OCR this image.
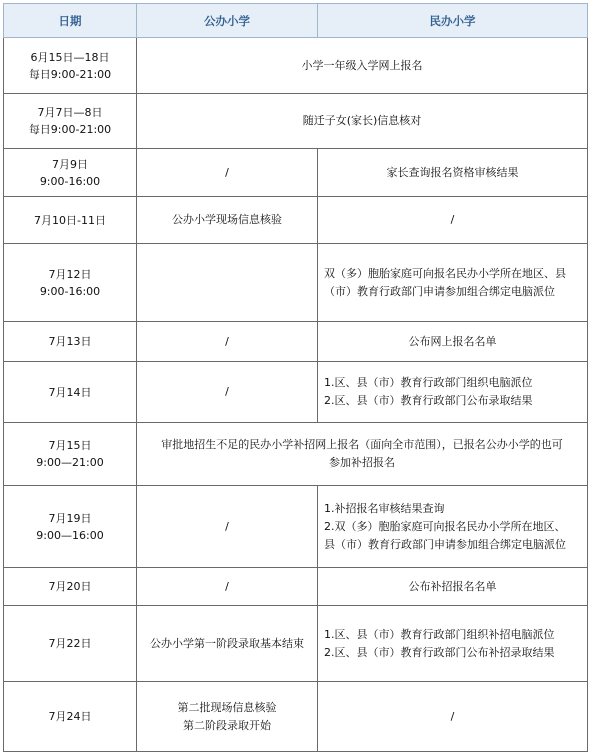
日期	公办小学	民办小学

6月15日—18日
每日9:00-21:00	小学一年级入学网上报名	

7月7日—8日
每日9:00-21:00	随迁子女(家长)信息核对	

7月9日
9:00-16:00	/	家长查询报名资格审核结果
7月10日-11日	公办小学现场信息核验	/

7月12日
9:00-16:00		双（多）胞胎家庭可向报名民办小学所在地区、县
（市）教育行政部门申请参加组合绑定电脑派位

7月13日	/	公布网上报名名单
7月14日	/	1.区、县（市）教育行政部门组织电脑派位
2.区、县（市）教育行政部门公布录取结果

7月15日
9:00—21:00	审批地招生不足的民办小学补招网上报名（面向全市范围），已报名公办小学的也可
参加补招报名	

7月19日
9:00—16:00	/	1.补招报名审核结果查询
2.双（多）胞胎家庭可向报名民办小学所在地区、
县（市）教育行政部门申请参加组合绑定电脑派位

7月20日	/	公布补招报名名单
7月22日	公办小学第一阶段录取基本结束	1.区、县（市）教育行政部门组织补招电脑派位
2.区、县（市）教育行政部门公布补招录取结果

7月24日	第二批现场信息核验
第二阶段录取开始	/
